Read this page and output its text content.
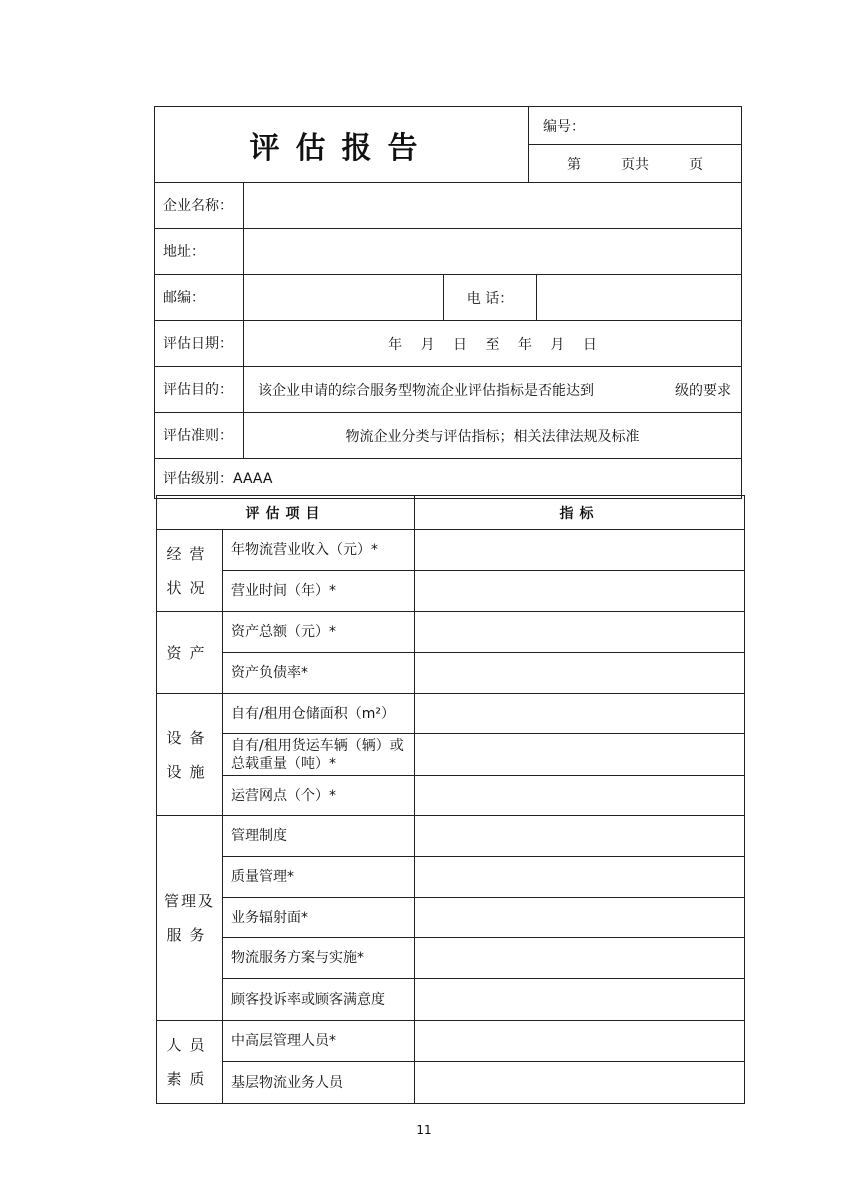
评估报告			编号：	
			第 页共 页	
企业名称：				
地址：				
邮编：		电 话：		
评估日期：	年 月 日 至 年 月 日			
评估目的：	该企业申请的综合服务型物流企业评估指标是否能达到 级的要求			

评估准则：	物流企业分类与评估指标；相关法律法规及标准			
评估级别：AAAA				
评估项目		指标

经营
状况	年物流营业收入（元）*	
	营业时间（年）*	

资产	资产总额（元）*	
	资产负债率*	

设备
设施	自有/租用仓储面积（m²）	
	自有/租用货运车辆（辆）或总载重量（吨）*	
	运营网点（个）*	

管理及
服务	管理制度	
	质量管理*	
	业务辐射面*	
	物流服务方案与实施*	
	顾客投诉率或顾客满意度	

人员
素质	中高层管理人员*	
	基层物流业务人员	
11
